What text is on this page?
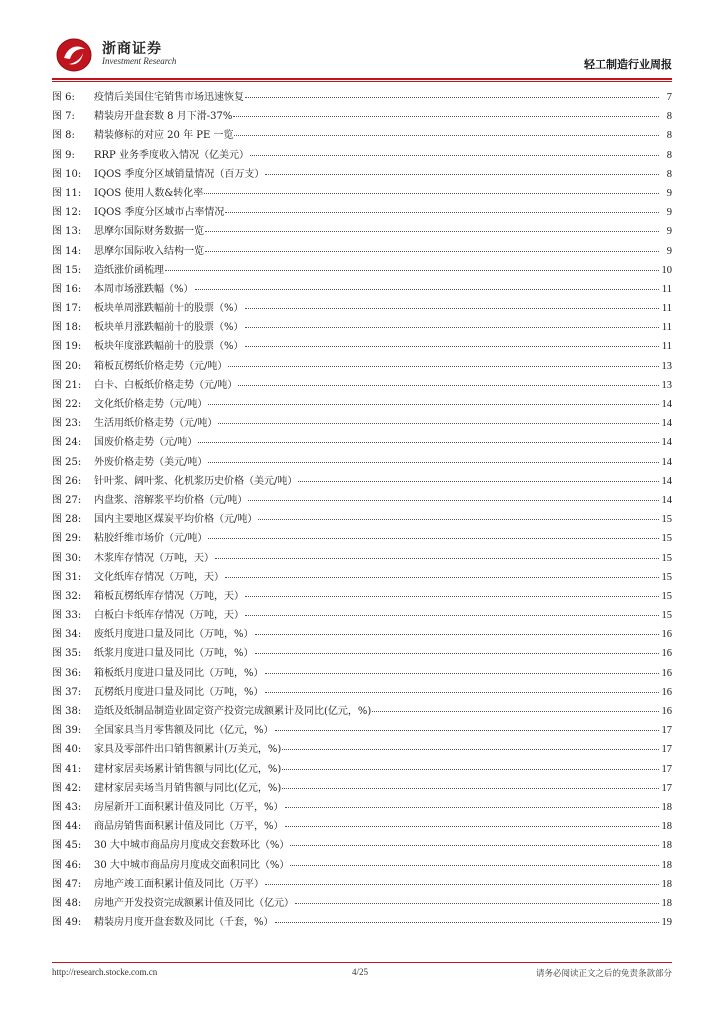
浙商证券
Investment Research	轻工制造行业周报
图 6:	疫情后美国住宅销售市场迅速恢复	7
图 7:	精装房开盘套数 8 月下滑-37%	8
图 8:	精装修标的对应 20 年 PE 一览	8
图 9:	RRP 业务季度收入情况（亿美元）	8
图 10:	IQOS 季度分区域销量情况（百万支）	8
图 11:	IQOS 使用人数&转化率	9
图 12:	IQOS 季度分区域市占率情况	9
图 13:	思摩尔国际财务数据一览	9
图 14:	思摩尔国际收入结构一览	9
图 15:	造纸涨价函梳理	10
图 16:	本周市场涨跌幅（%）	11
图 17:	板块单周涨跌幅前十的股票（%）	11
图 18:	板块单月涨跌幅前十的股票（%）	11
图 19:	板块年度涨跌幅前十的股票（%）	11
图 20:	箱板瓦楞纸价格走势（元/吨）	13
图 21:	白卡、白板纸价格走势（元/吨）	13
图 22:	文化纸价格走势（元/吨）	14
图 23:	生活用纸价格走势（元/吨）	14
图 24:	国废价格走势（元/吨）	14
图 25:	外废价格走势（美元/吨）	14
图 26:	针叶浆、阔叶浆、化机浆历史价格（美元/吨）	14
图 27:	内盘浆、溶解浆平均价格（元/吨）	14
图 28:	国内主要地区煤炭平均价格（元/吨）	15
图 29:	粘胶纤维市场价（元/吨）	15
图 30:	木浆库存情况（万吨，天）	15
图 31:	文化纸库存情况（万吨，天）	15
图 32:	箱板瓦楞纸库存情况（万吨，天）	15
图 33:	白板白卡纸库存情况（万吨，天）	15
图 34:	废纸月度进口量及同比（万吨，%）	16
图 35:	纸浆月度进口量及同比（万吨，%）	16
图 36:	箱板纸月度进口量及同比（万吨，%）	16
图 37:	瓦楞纸月度进口量及同比（万吨，%）	16
图 38:	造纸及纸制品制造业固定资产投资完成额累计及同比(亿元，%)	16
图 39:	全国家具当月零售额及同比（亿元，%）	17
图 40:	家具及零部件出口销售额累计(万美元，%)	17
图 41:	建材家居卖场累计销售额与同比(亿元，%)	17
图 42:	建材家居卖场当月销售额与同比(亿元，%)	17
图 43:	房屋新开工面积累计值及同比（万平，%）	18
图 44:	商品房销售面积累计值及同比（万平，%）	18
图 45:	30 大中城市商品房月度成交套数环比（%）	18
图 46:	30 大中城市商品房月度成交面积同比（%）	18
图 47:	房地产竣工面积累计值及同比（万平）	18
图 48:	房地产开发投资完成额累计值及同比（亿元）	18
图 49:	精装房月度开盘套数及同比（千套，%）	19
http://research.stocke.com.cn	4/25	请务必阅读正文之后的免责条款部分
